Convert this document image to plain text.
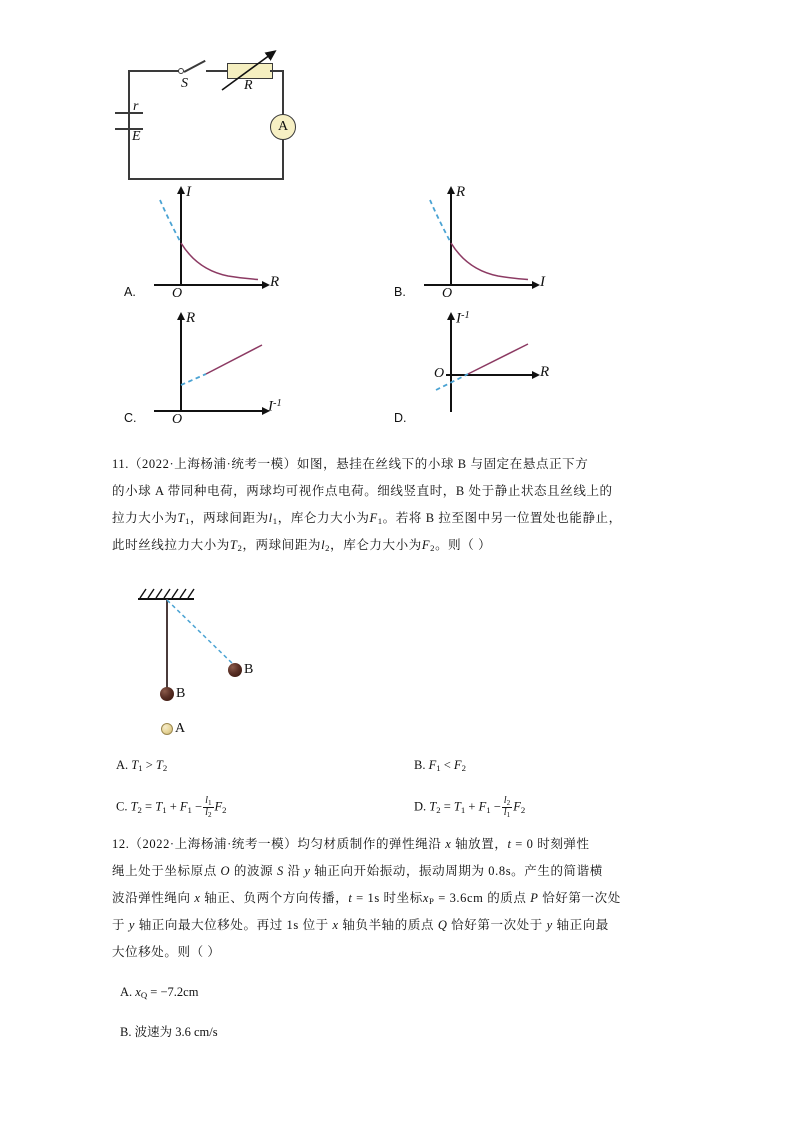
S	R
A
r
E
I
R
O
A.
R
I
O
B.
R
$I^{-1}$
O
C.
$I^{-1}$
R
O
D.
11.（2022·上海杨浦·统考一模）如图，悬挂在丝线下的小球 B 与固定在悬点正下方
的小球 A 带同种电荷，两球均可视作点电荷。细线竖直时，B 处于静止状态且丝线上的
拉力大小为$T_1$，两球间距为$l_1$，库仑力大小为$F_1$。若将 B 拉至图中另一位置处也能静止，
此时丝线拉力大小为$T_2$，两球间距为$l_2$，库仑力大小为$F_2$。则（ ）
B
B
A
A. $T_1 > T_2$	B. $F_1 < F_2$
C. $T_2 = T_1 + F_1 - \frac{l_1}{l_2} F_2$	D. $T_2 = T_1 + F_1 - \frac{l_2}{l_1} F_2$
12.（2022·上海杨浦·统考一模）均匀材质制作的弹性绳沿 x 轴放置，t = 0 时刻弹性
绳上处于坐标原点 O 的波源 S 沿 y 轴正向开始振动，振动周期为 0.8s。产生的简谐横
波沿弹性绳向 x 轴正、负两个方向传播，t = 1s 时坐标$x_P = 3.6cm$ 的质点 P 恰好第一次处
于 y 轴正向最大位移处。再过 1s 位于 x 轴负半轴的质点 Q 恰好第一次处于 y 轴正向最
大位移处。则（ ）
A. $x_Q = -7.2cm$
B. 波速为 3.6 cm/s
